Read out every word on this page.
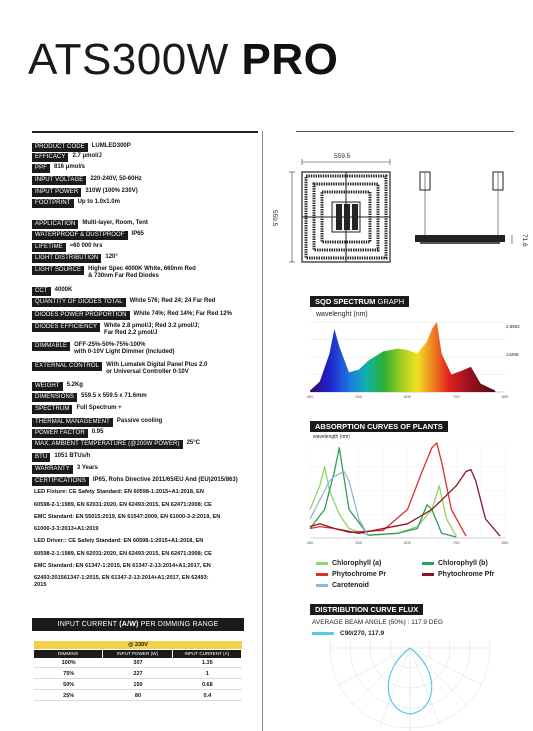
ATS300W PRO
PRODUCT CODE LUMLED300P
EFFICACY 2.7 μmol/J
PPF 816 μmol/s
INPUT VOLTAGE 220-240V, 50-60Hz
INPUT POWER 310W (100% 230V)
FOOTPRINT Up to 1.0x1.0m
APPLICATION Multi-layer, Room, Tent
WATERPROOF & DUSTPROOF IP65
LIFETIME ≈60 000 hrs
LIGHT DISTRIBUTION 120°
LIGHT SOURCE Higher Spec 4000K White, 660nm Red
& 730nm Far Red Diodes
CCT 4000K
QUANTITY OF DIODES TOTAL White 576; Red 24; 24 Far Red
DIODES POWER PROPORTION White 74%; Red 14%; Far Red 12%
DIODES EFFICIENCY White 2.8 μmol/J; Red 3.2 μmol/J;
Far Red 2.2 μmol/J
DIMMABLE OFF-25%-50%-75%-100%
with 0-10V Light Dimmer (Included)
EXTERNAL CONTROL With Lumatek Digital Panel Plus 2.0
or Universal Controller 0-10V
WEIGHT 5.2Kg
DIMENSIONS 559.5 x 559.5 x 71.6mm
SPECTRUM Full Spectrum +
THERMAL MANAGEMENT Passive cooling
POWER FACTOR 0.95
MAX. AMBIENT TEMPERATURE (@200W POWER) 25°C
BTU 1051 BTUs/h
WARRANTY 3 Years
CERTIFICATIONS IP65, Rohs Directive 2011/65/EU And (EU)2015/863)
LED Fixture: CE Safety Standard: EN 60598-1:2015+A1:2018, EN
60598-2-1:1989, EN 62031:2020, EN 62493:2015, EN 62471:2008; CE
EMC Standard: EN 55015:2019, EN 61547:2009, EN 61000-3-2:2019, EN
61000-3-3:2013+A1:2019
LED Driver:: CE Safety Standard: EN 60598-1:2015+A1:2018, EN
60598-2-1:1989, EN 62031:2020, EN 62493:2015, EN 62471:2008; CE
EMC Standard: EN 61347-1:2015, EN 61347-2-13:2014+A1:2017, EN
62493:201561347-1:2015, EN 61347-2-13:2014+A1:2017, EN 62493:
2015
INPUT CURRENT (A/W) PER DIMMING RANGE
@ 230V
DIMMING	INPUT POWER (W)	INPUT CURRENT (A)
100%	307	1.35
75%	227	1
50%	150	0.68
25%	80	0.4
559.5
559.5
71.6
SQD SPECTRUM GRAPH
wavelenght (nm)
400	500	600	700	800
2,8602
14206
ABSORPTION CURVES OF PLANTS
wavelength (nm)
400	500	600	700	800
Chlorophyll (a)	Chlorophyll (b)
Phytochrome Pr	Phytochrome Pfr
Carotenoid
DISTRIBUTION CURVE FLUX
AVERAGE BEAM ANGLE (50%) : 117.9 DEG
C90/270, 117.9
